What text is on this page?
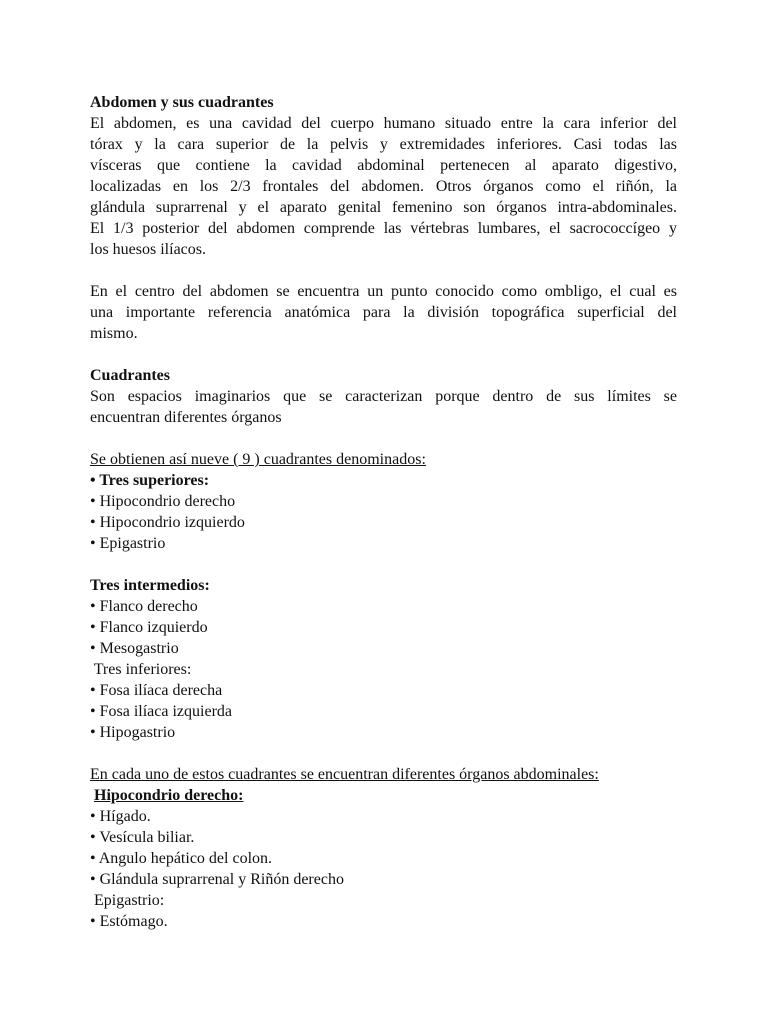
Abdomen y sus cuadrantes
El abdomen, es una cavidad del cuerpo humano situado entre la cara inferior del
tórax y la cara superior de la pelvis y extremidades inferiores. Casi todas las
vísceras que contiene la cavidad abdominal pertenecen al aparato digestivo,
localizadas en los 2/3 frontales del abdomen. Otros órganos como el riñón, la
glándula suprarrenal y el aparato genital femenino son órganos intra-abdominales.
El 1/3 posterior del abdomen comprende las vértebras lumbares, el sacrococcígeo y
los huesos ilíacos.
En el centro del abdomen se encuentra un punto conocido como ombligo, el cual es
una importante referencia anatómica para la división topográfica superficial del
mismo.
Cuadrantes
Son espacios imaginarios que se caracterizan porque dentro de sus límites se
encuentran diferentes órganos
Se obtienen así nueve ( 9 ) cuadrantes denominados:
• Tres superiores:
• Hipocondrio derecho
• Hipocondrio izquierdo
• Epigastrio
Tres intermedios:
• Flanco derecho
• Flanco izquierdo
• Mesogastrio
Tres inferiores:
• Fosa ilíaca derecha
• Fosa ilíaca izquierda
• Hipogastrio
En cada uno de estos cuadrantes se encuentran diferentes órganos abdominales:
Hipocondrio derecho:
• Hígado.
• Vesícula biliar.
• Angulo hepático del colon.
• Glándula suprarrenal y Riñón derecho
Epigastrio:
• Estómago.
